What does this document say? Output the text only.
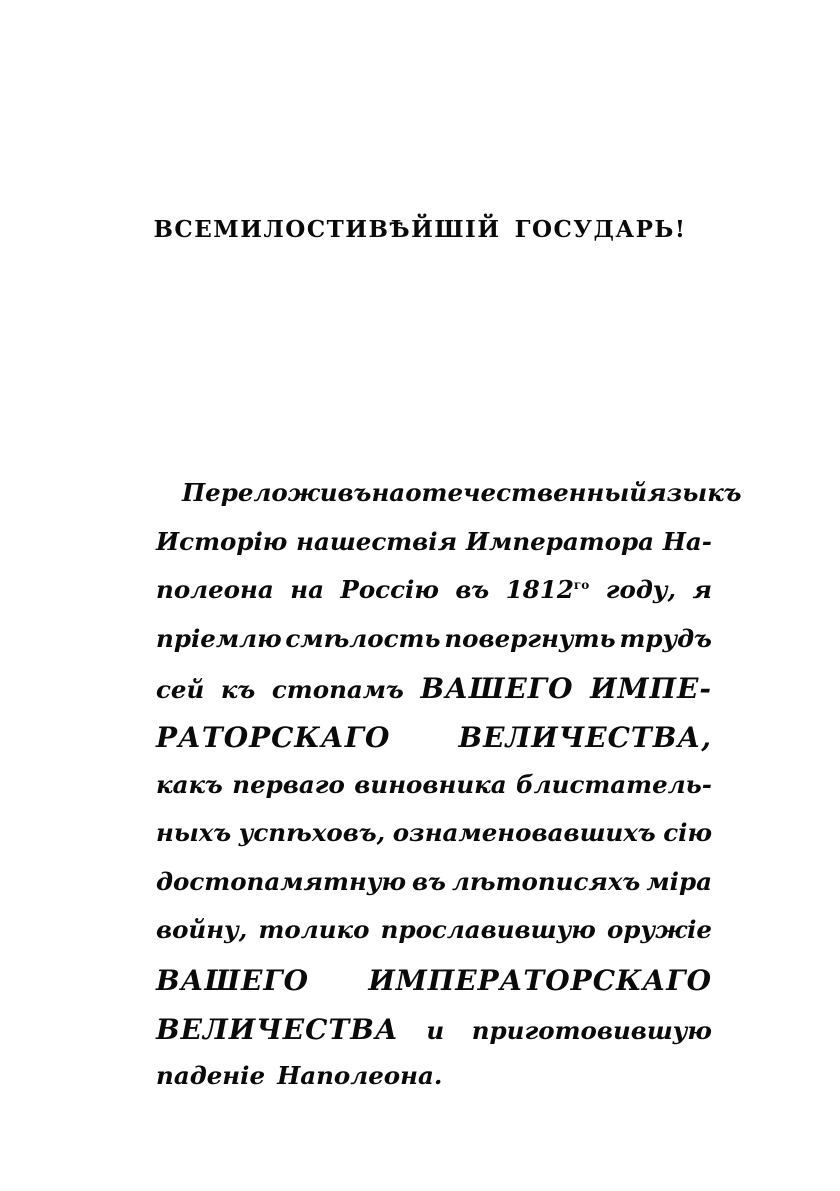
ВСЕМИЛОСТИВѢЙШІЙ ГОСУДАРЬ!
Переложивъ на отечественный языкъ
Исторію нашествія Императора На-
полеона на Россію въ $1812^{го}$ году, я
пріемлю смѣлость повергнуть трудъ
сей къ стопамъ ВАШЕГО ИМПЕ-
РАТОРСКАГО ВЕЛИЧЕСТВА,
какъ перваго виновника блистатель-
ныхъ успѣховъ, ознаменовавшихъ сію
достопамятную въ лѣтописяхъ міра
войну, толико прославившую оружіе
ВАШЕГО ИМПЕРАТОРСКАГО
ВЕЛИЧЕСТВА и приготовившую
паденіе Наполеона.
